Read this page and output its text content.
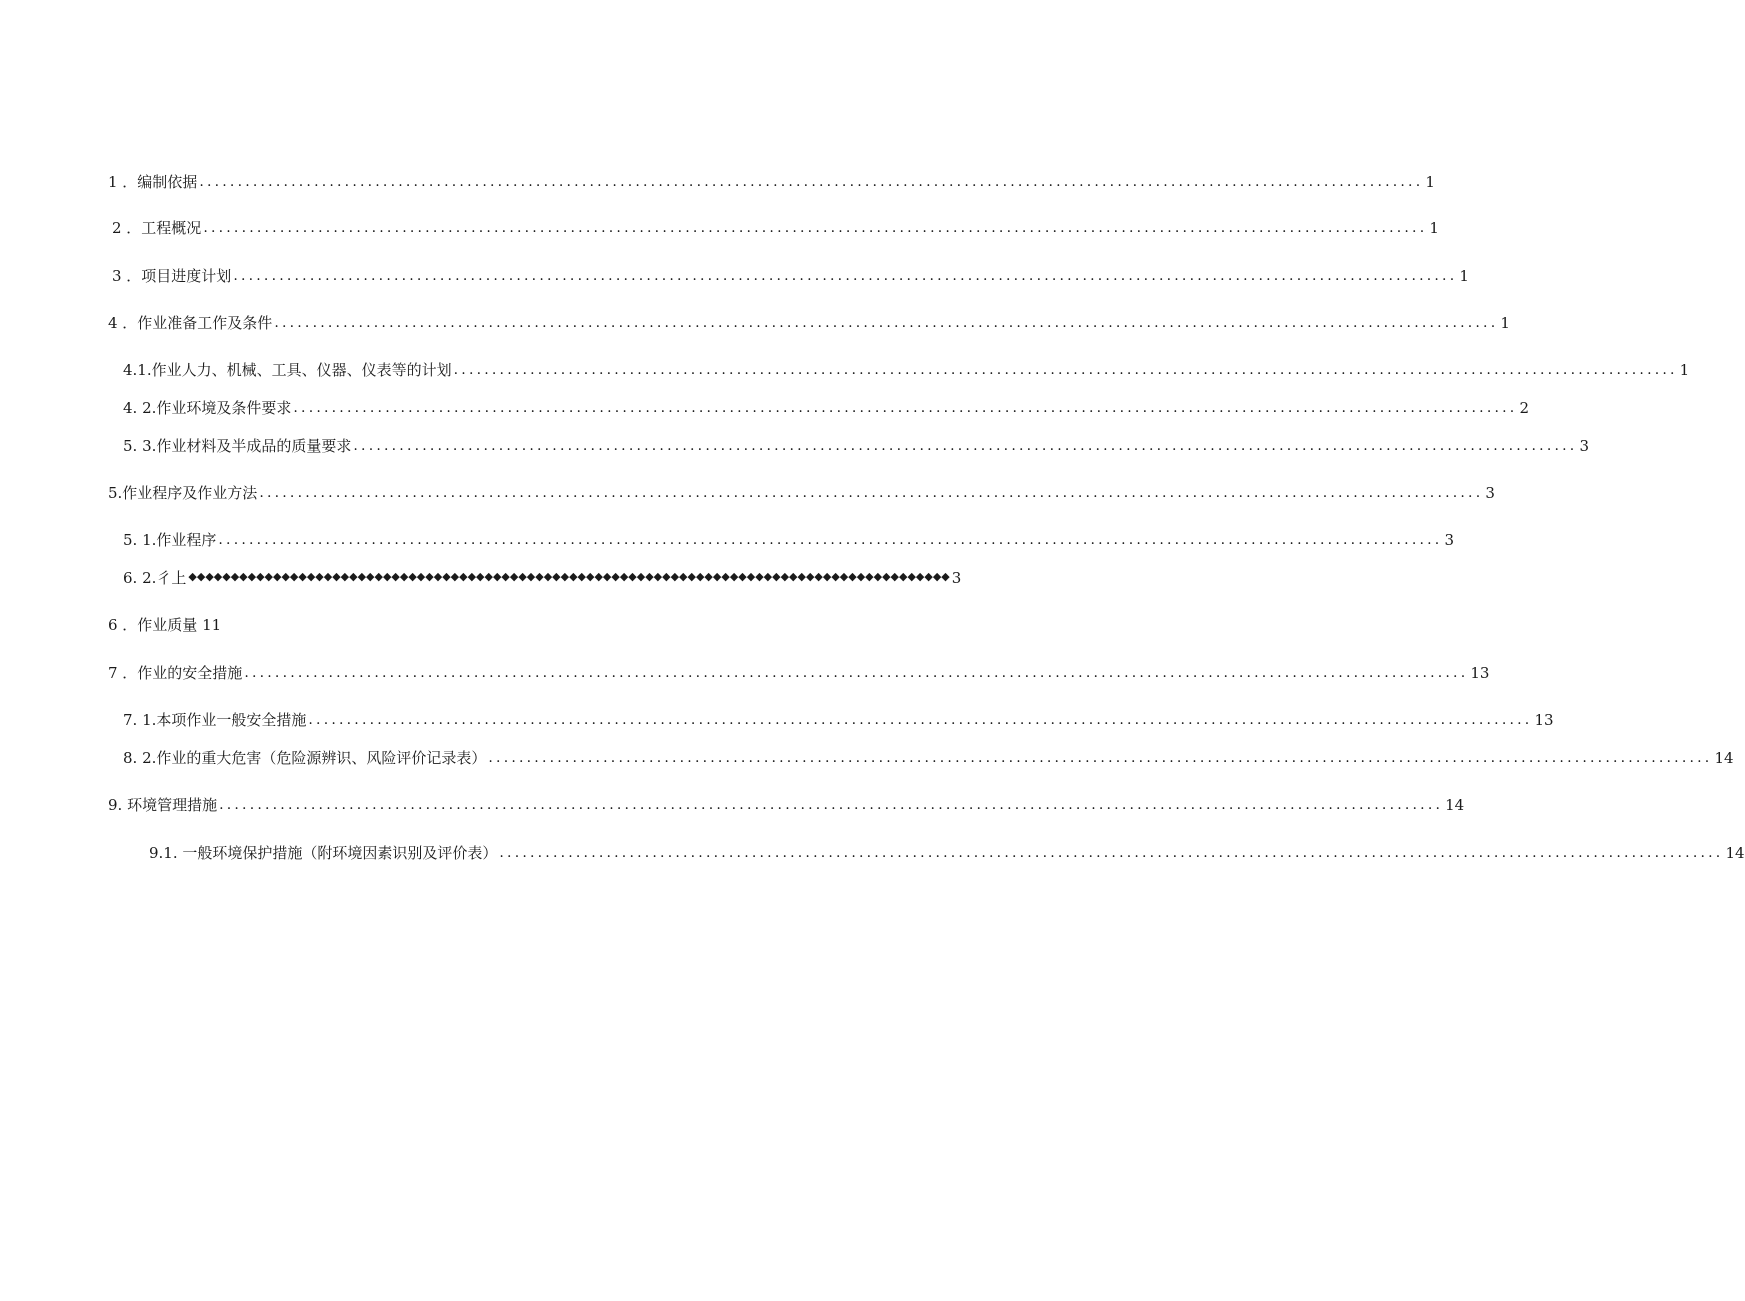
1 ．编制依据 ................................................................................................................................................................ 1
2 ．工程概况 ................................................................................................................................................................ 1
3 ．项目进度计划 ................................................................................................................................................................ 1
4 ．作业准备工作及条件 ................................................................................................................................................................ 1
4.1.作业人力、机械、工具、仪器、仪表等的计划 ................................................................................................................................................................ 1
4. 2.作业环境及条件要求 ................................................................................................................................................................ 2
5. 3.作业材料及半成品的质量要求 ................................................................................................................................................................ 3
5.作业程序及作业方法 ................................................................................................................................................................ 3
5. 1.作业程序 ................................................................................................................................................................ 3
6. 2.彳上 ◆◆◆◆◆◆◆◆◆◆◆◆◆◆◆◆◆◆◆◆◆◆◆◆◆◆◆◆◆◆◆◆◆◆◆◆◆◆◆◆◆◆◆◆◆◆◆◆◆◆◆◆◆◆◆◆◆◆◆◆◆◆◆◆◆◆◆◆◆◆◆◆◆◆◆◆◆◆◆◆◆◆◆◆◆◆◆◆◆◆ 3
6 ．作业质量 11
7 ．作业的安全措施 ................................................................................................................................................................ 13
7. 1.本项作业一般安全措施 ................................................................................................................................................................ 13
8. 2.作业的重大危害（危险源辨识、风险评价记录表） ................................................................................................................................................................ 14
9. 环境管理措施 ................................................................................................................................................................ 14
9.1. 一般环境保护措施（附环境因素识别及评价表） ................................................................................................................................................................ 14
